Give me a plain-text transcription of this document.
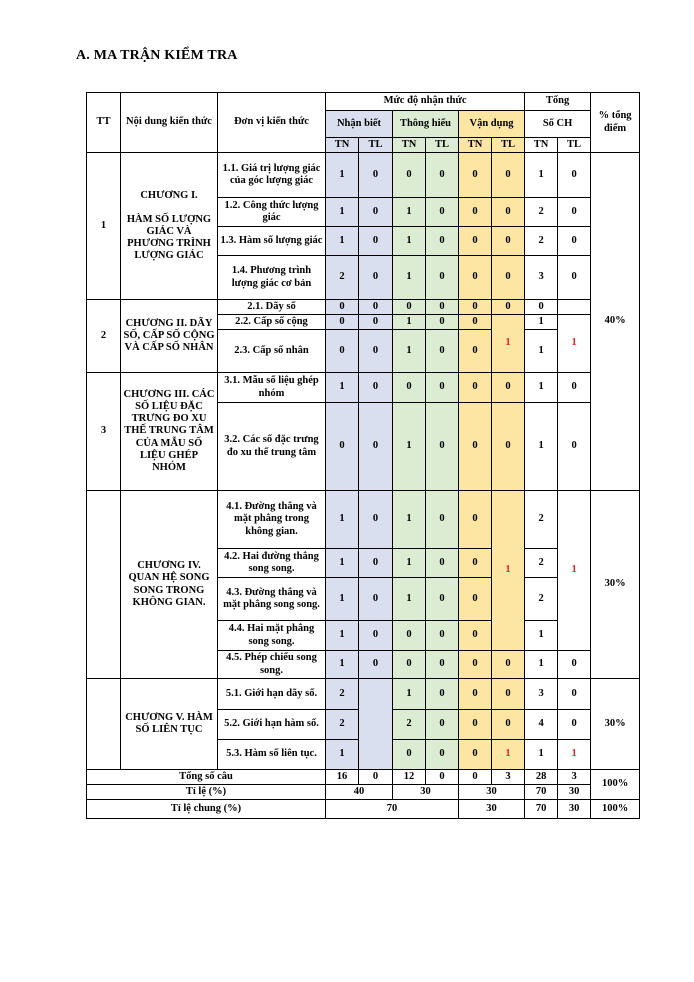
A. MA TRẬN KIỂM TRA
TT	Nội dung kiến thức	Đơn vị kiến thức	Mức độ nhận thức						Tổng		% tổng điểm
			Nhận biết		Thông hiểu		Vận dụng		Số CH		
			TN	TL	TN	TL	TN	TL	TN	TL	
1	CHƯƠNG I.

HÀM SỐ LƯỢNG GIÁC VÀ PHƯƠNG TRÌNH LƯỢNG GIÁC	1.1. Giá trị lượng giác của góc lượng giác	1	0	0	0	0	0	1	0	40%
		1.2. Công thức lượng giác	1	0	1	0	0	0	2	0	
		1.3. Hàm số lượng giác	1	0	1	0	0	0	2	0	
		1.4. Phương trình lượng giác cơ bản	2	0	1	0	0	0	3	0	
2	CHƯƠNG II. DÃY SỐ, CẤP SỐ CỘNG VÀ CẤP SỐ NHÂN	2.1. Dãy số	0	0	0	0	0	0	0		
		2.2. Cấp số cộng	0	0	1	0	0	1	1	1	
		2.3. Cấp số nhân	0	0	1	0	0		1		
3	CHƯƠNG III. CÁC SỐ LIỆU ĐẶC TRƯNG ĐO XU THẾ TRUNG TÂM CỦA MẪU SỐ LIỆU GHÉP NHÓM	3.1. Mẫu số liệu ghép nhóm	1	0	0	0	0	0	1	0	
		3.2. Các số đặc trưng đo xu thế trung tâm	0	0	1	0	0	0	1	0	
	CHƯƠNG IV. QUAN HỆ SONG SONG TRONG KHÔNG GIAN.	4.1. Đường thẳng và mặt phẳng trong không gian.	1	0	1	0	0	1	2	1	30%
		4.2. Hai đường thẳng song song.	1	0	1	0	0		2		
		4.3. Đường thẳng và mặt phẳng song song.	1	0	1	0	0		2		
		4.4. Hai mặt phẳng song song.	1	0	0	0	0		1		
		4.5. Phép chiếu song song.	1	0	0	0	0	0	1	0	
	CHƯƠNG V. HÀM SỐ LIÊN TỤC	5.1. Giới hạn dãy số.	2		1	0	0	0	3	0	30%
		5.2. Giới hạn hàm số.	2		2	0	0	0	4	0	
		5.3. Hàm số liên tục.	1		0	0	0	1	1	1	
Tổng số câu			16	0	12	0	0	3	28	3	100%
Tỉ lệ (%)			40		30		30		70	30	
Tỉ lệ chung (%)			70				30		70	30	100%
